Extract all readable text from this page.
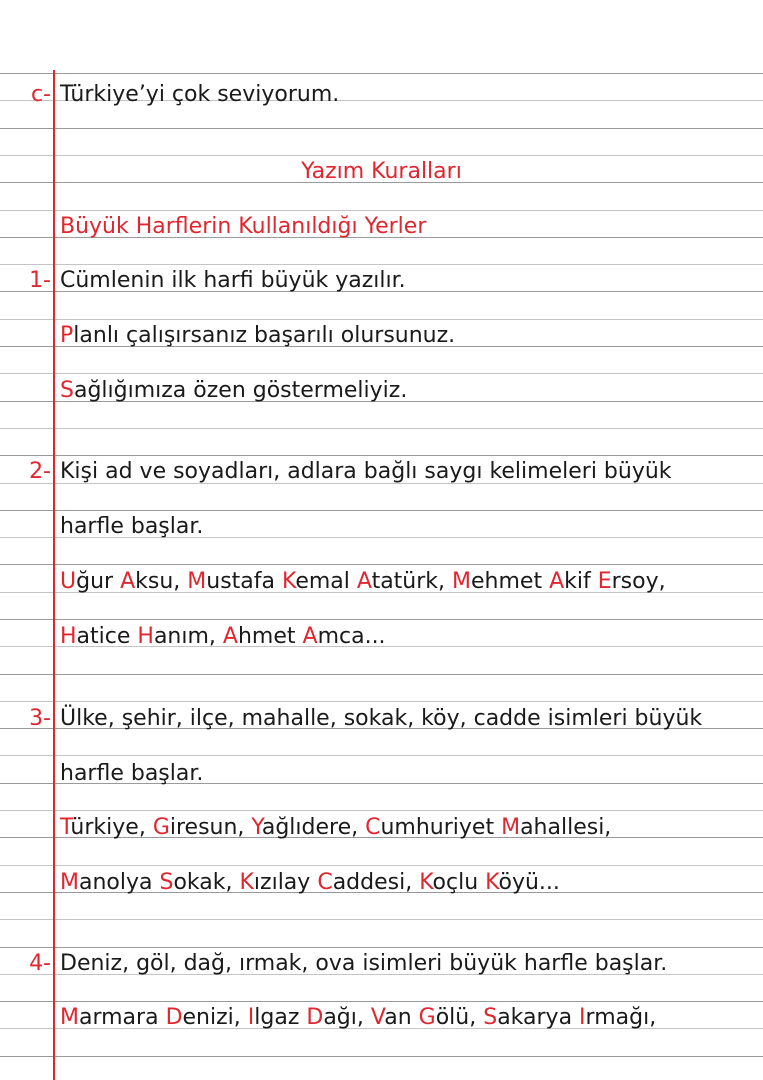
c- Türkiye’yi çok seviyorum.
Yazım Kuralları
Büyük Harflerin Kullanıldığı Yerler
1- Cümlenin ilk harfi büyük yazılır.
Planlı çalışırsanız başarılı olursunuz.
Sağlığımıza özen göstermeliyiz.
2- Kişi ad ve soyadları, adlara bağlı saygı kelimeleri büyük
harfle başlar.
Uğur Aksu, Mustafa Kemal Atatürk, Mehmet Akif Ersoy,
Hatice Hanım, Ahmet Amca...
3- Ülke, şehir, ilçe, mahalle, sokak, köy, cadde isimleri büyük
harfle başlar.
Türkiye, Giresun, Yağlıdere, Cumhuriyet Mahallesi,
Manolya Sokak, Kızılay Caddesi, Koçlu Köyü...
4- Deniz, göl, dağ, ırmak, ova isimleri büyük harfle başlar.
Marmara Denizi, Ilgaz Dağı, Van Gölü, Sakarya Irmağı,
